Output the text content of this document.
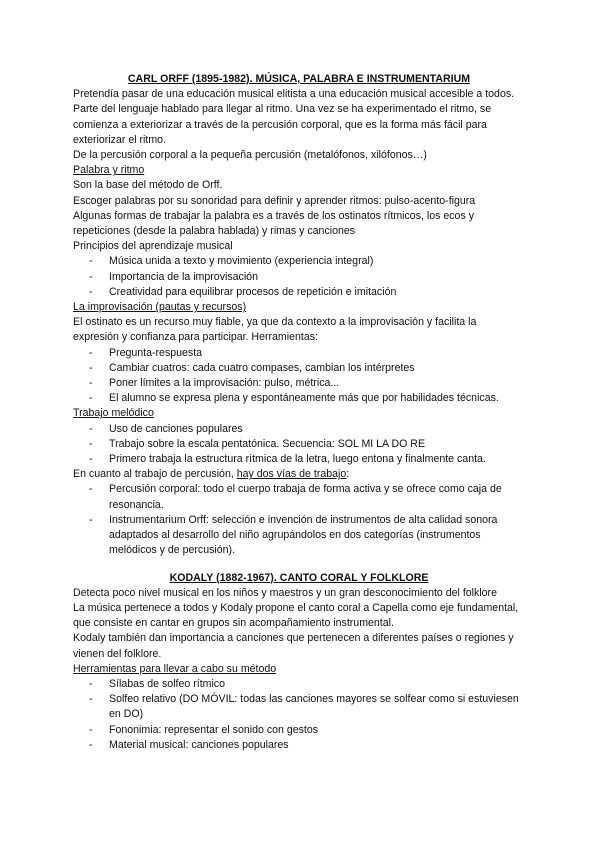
CARL ORFF (1895-1982). MÚSICA, PALABRA E INSTRUMENTARIUM

Pretendía pasar de una educación musical elitista a una educación musical accesible a todos.

Parte del lenguaje hablado para llegar al ritmo. Una vez se ha experimentado el ritmo, se comienza a exteriorizar a través de la percusión corporal, que es la forma más fácil para exteriorizar el ritmo.

De la percusión corporal a la pequeña percusión (metalófonos, xilófonos…)

Palabra y ritmo

Son la base del método de Orff.

Escoger palabras por su sonoridad para definir y aprender ritmos: pulso-acento-figura

Algunas formas de trabajar la palabra es a través de los ostinatos rítmicos, los ecos y repeticiones (desde la palabra hablada) y rimas y canciones

Principios del aprendizaje musical

- Música unida a texto y movimiento (experiencia integral)
- Importancia de la improvisación
- Creatividad para equilibrar procesos de repetición e imitación

La improvisación (pautas y recursos)

El ostinato es un recurso muy fiable, ya que da contexto a la improvisación y facilita la expresión y confianza para participar. Herramientas:

- Pregunta-respuesta
- Cambiar cuatros: cada cuatro compases, cambian los intérpretes
- Poner límites a la improvisación: pulso, métrica...
- El alumno se expresa plena y espontáneamente más que por habilidades técnicas.

Trabajo melódico

- Uso de canciones populares
- Trabajo sobre la escala pentatónica. Secuencia: SOL MI LA DO RE
- Primero trabaja la estructura rítmica de la letra, luego entona y finalmente canta.

En cuanto al trabajo de percusión, hay dos vías de trabajo:

- Percusión corporal: todo el cuerpo trabaja de forma activa y se ofrece como caja de resonancia.
- Instrumentarium Orff: selección e invención de instrumentos de alta calidad sonora adaptados al desarrollo del niño agrupándolos en dos categorías (instrumentos melódicos y de percusión).
KODALY (1882-1967). CANTO CORAL Y FOLKLORE

Detecta poco nivel musical en los niños y maestros y un gran desconocimiento del folklore

La música pertenece a todos y Kodaly propone el canto coral a Capella como eje fundamental, que consiste en cantar en grupos sin acompañamiento instrumental.

Kodaly también dan importancia a canciones que pertenecen a diferentes países o regiones y vienen del folklore.

Herramientas para llevar a cabo su método

- Sílabas de solfeo rítmico
- Solfeo relativo (DO MÓVIL: todas las canciones mayores se solfear como si estuviesen en DO)
- Fononimia: representar el sonido con gestos
- Material musical: canciones populares
